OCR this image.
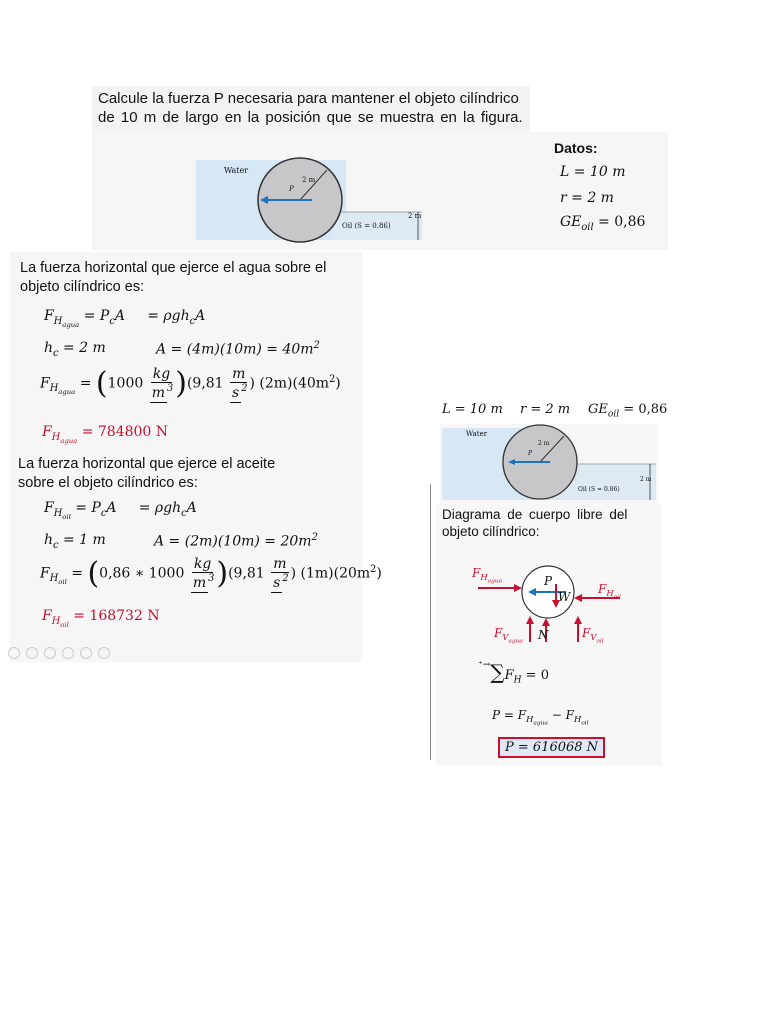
Calcule la fuerza P necesaria para mantener el objeto cilíndrico
de 10 m de largo en la posición que se muestra en la figura.
Water
2 m
P
Oil (S = 0.86)
2 m
Datos:
L = 10 m
r = 2 m
$GE_{oil} = 0,86$
La fuerza horizontal que ejerce el agua sobre el
objeto cilíndrico es:
$F_{H_{agua}} = P_cA = \rho gh_cA$
$h_c = 2$ m	$A = (4m)(10m) = 40m^2$
$F_{H_{agua}} = (1000 \frac{kg}{m ^3} )(9,81 \frac{m}{s ^2}$ ) $(2m)(40m^2)$
$F_{H_{agua}} = 784800$ N
La fuerza horizontal que ejerce el aceite
sobre el objeto cilíndrico es:
$F_{H_{oil}} = P_cA = \rho gh_cA$
$h_c = 1$ m	$A = (2m)(10m) = 20m^2$
$F_{H_{oil}} = (0,86$ ∗ $1000 \frac{kg}{m ^3} )(9,81 \frac{m}{s ^2}$ ) $(1m)(20m^2)$
$F_{H_{oil}} = 168732$ N
L = 10 m r = 2 m $GE_{oil} = 0,86$
Water
2 m
P
Oil (S = 0.86)
2 m
Diagrama de cuerpo libre del
objeto cilíndrico:
$F_{H_{agua}}$	$F_{H_{oil}}$
P
W
$F_{V_{agua}}$
N	$F_{V_{oil}}$
$^{^+\to}\sum F_H = 0$
$P = F_{H_{agua}} - F_{H_{oil}}$
P = 616068 N
